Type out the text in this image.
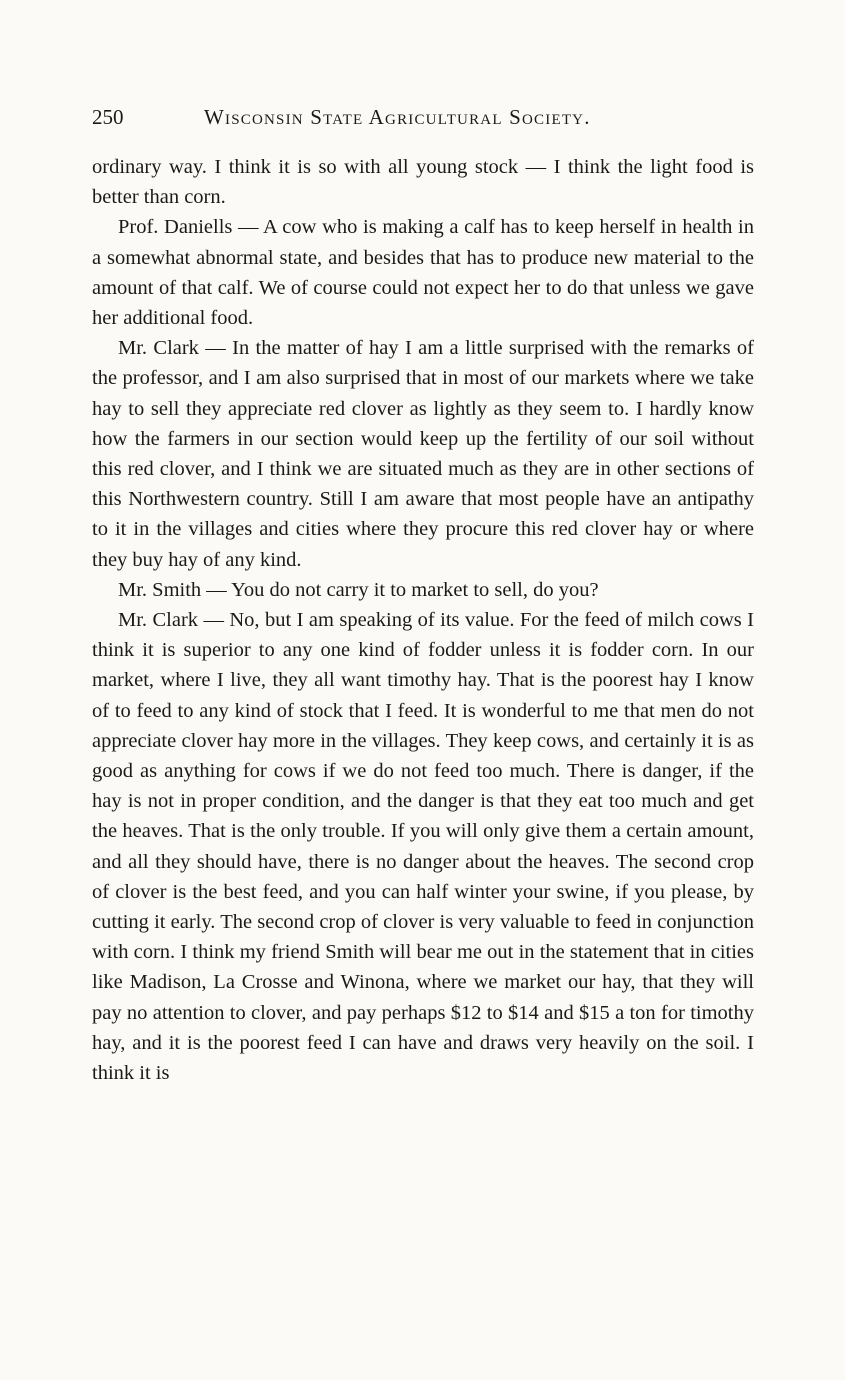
250	Wisconsin State Agricultural Society.

ordinary way. I think it is so with all young stock — I think the light food is better than corn.

Prof. Daniells — A cow who is making a calf has to keep herself in health in a somewhat abnormal state, and besides that has to produce new material to the amount of that calf. We of course could not expect her to do that unless we gave her additional food.

Mr. Clark — In the matter of hay I am a little surprised with the remarks of the professor, and I am also surprised that in most of our markets where we take hay to sell they appreciate red clover as lightly as they seem to. I hardly know how the farmers in our section would keep up the fertility of our soil without this red clover, and I think we are situated much as they are in other sections of this Northwestern country. Still I am aware that most people have an antipathy to it in the villages and cities where they procure this red clover hay or where they buy hay of any kind.

Mr. Smith — You do not carry it to market to sell, do you?

Mr. Clark — No, but I am speaking of its value. For the feed of milch cows I think it is superior to any one kind of fodder unless it is fodder corn. In our market, where I live, they all want timothy hay. That is the poorest hay I know of to feed to any kind of stock that I feed. It is wonderful to me that men do not appreciate clover hay more in the villages. They keep cows, and certainly it is as good as anything for cows if we do not feed too much. There is danger, if the hay is not in proper condition, and the danger is that they eat too much and get the heaves. That is the only trouble. If you will only give them a certain amount, and all they should have, there is no danger about the heaves. The second crop of clover is the best feed, and you can half winter your swine, if you please, by cutting it early. The second crop of clover is very valuable to feed in conjunction with corn. I think my friend Smith will bear me out in the statement that in cities like Madison, La Crosse and Winona, where we market our hay, that they will pay no attention to clover, and pay perhaps $12 to $14 and $15 a ton for timothy hay, and it is the poorest feed I can have and draws very heavily on the soil. I think it is
